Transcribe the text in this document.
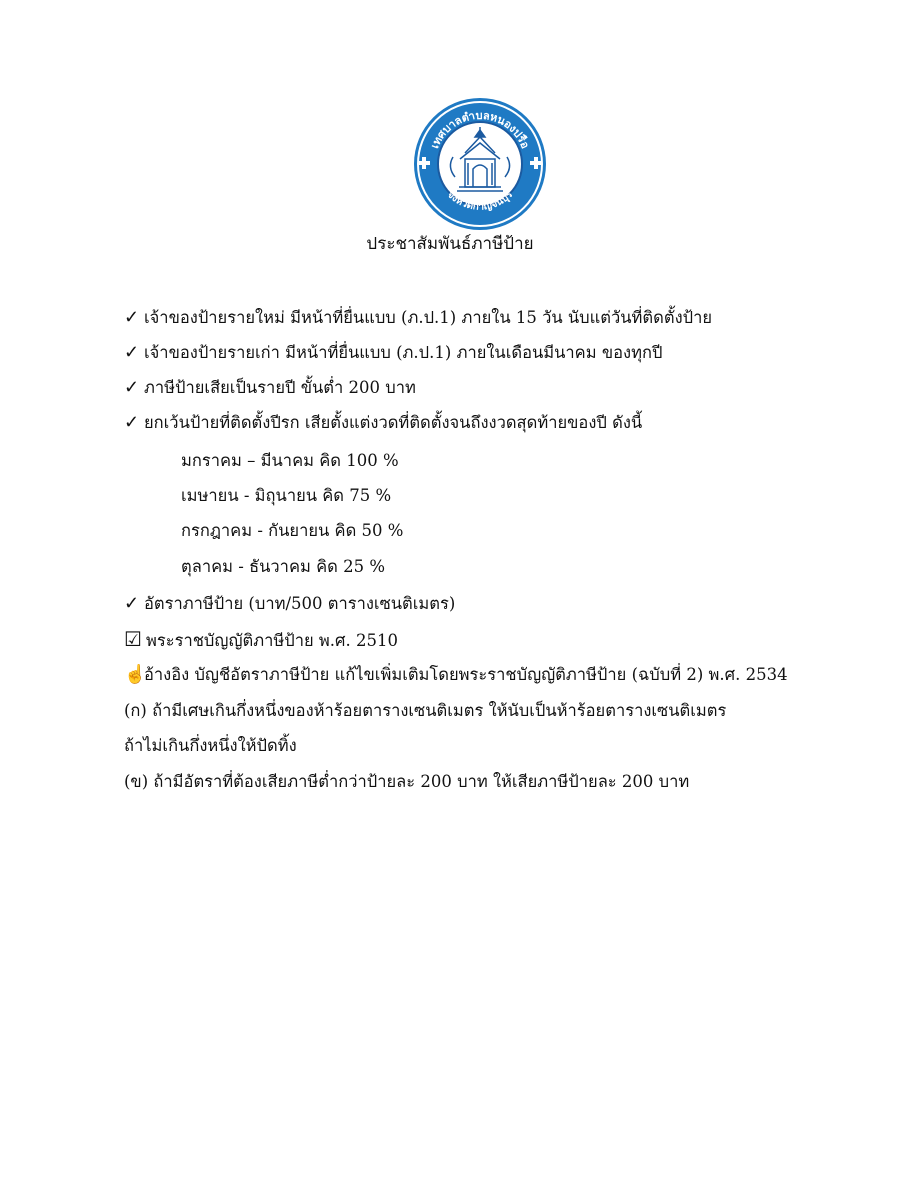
เทศบาลตำบลหนองปรือ
จังหวัดกาญจนบุรี
ประชาสัมพันธ์ภาษีป้าย
✓ เจ้าของป้ายรายใหม่ มีหน้าที่ยื่นแบบ (ภ.ป.1) ภายใน 15 วัน นับแต่วันที่ติดตั้งป้าย
✓ เจ้าของป้ายรายเก่า มีหน้าที่ยื่นแบบ (ภ.ป.1) ภายในเดือนมีนาคม ของทุกปี
✓ ภาษีป้ายเสียเป็นรายปี ขั้นต่ำ 200 บาท
✓ ยกเว้นป้ายที่ติดตั้งปีรก เสียตั้งแต่งวดที่ติดตั้งจนถึงงวดสุดท้ายของปี ดังนี้
มกราคม – มีนาคม คิด 100 %
เมษายน - มิถุนายน คิด 75 %
กรกฎาคม - กันยายน คิด 50 %
ตุลาคม - ธันวาคม คิด 25 %
✓ อัตราภาษีป้าย (บาท/500 ตารางเซนติเมตร)
☑ พระราชบัญญัติภาษีป้าย พ.ศ. 2510
☝อ้างอิง บัญชีอัตราภาษีป้าย แก้ไขเพิ่มเติมโดยพระราชบัญญัติภาษีป้าย (ฉบับที่ 2) พ.ศ. 2534
(ก) ถ้ามีเศษเกินกึ่งหนึ่งของห้าร้อยตารางเซนติเมตร ให้นับเป็นห้าร้อยตารางเซนติเมตร
ถ้าไม่เกินกึ่งหนึ่งให้ปัดทิ้ง
(ข) ถ้ามีอัตราที่ต้องเสียภาษีต่ำกว่าป้ายละ 200 บาท ให้เสียภาษีป้ายละ 200 บาท
